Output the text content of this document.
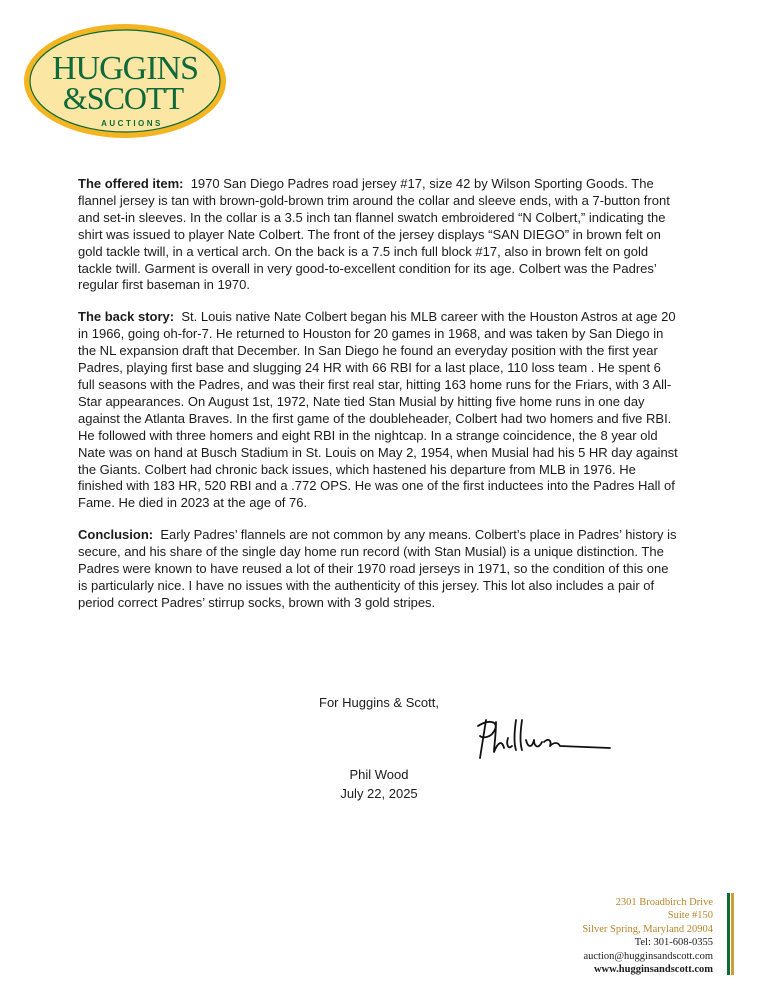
HUGGINS
&SCOTT
AUCTIONS

The offered item: 1970 San Diego Padres road jersey #17, size 42 by Wilson Sporting Goods. The flannel jersey is tan with brown-gold-brown trim around the collar and sleeve ends, with a 7-button front and set-in sleeves. In the collar is a 3.5 inch tan flannel swatch embroidered “N Colbert,” indicating the shirt was issued to player Nate Colbert. The front of the jersey displays “SAN DIEGO” in brown felt on gold tackle twill, in a vertical arch. On the back is a 7.5 inch full block #17, also in brown felt on gold tackle twill. Garment is overall in very good-to-excellent condition for its age. Colbert was the Padres’ regular first baseman in 1970.

The back story: St. Louis native Nate Colbert began his MLB career with the Houston Astros at age 20 in 1966, going oh-for-7. He returned to Houston for 20 games in 1968, and was taken by San Diego in the NL expansion draft that December. In San Diego he found an everyday position with the first year Padres, playing first base and slugging 24 HR with 66 RBI for a last place, 110 loss team . He spent 6 full seasons with the Padres, and was their first real star, hitting 163 home runs for the Friars, with 3 All-Star appearances. On August 1st, 1972, Nate tied Stan Musial by hitting five home runs in one day against the Atlanta Braves. In the first game of the doubleheader, Colbert had two homers and five RBI. He followed with three homers and eight RBI in the nightcap. In a strange coincidence, the 8 year old Nate was on hand at Busch Stadium in St. Louis on May 2, 1954, when Musial had his 5 HR day against the Giants. Colbert had chronic back issues, which hastened his departure from MLB in 1976. He finished with 183 HR, 520 RBI and a .772 OPS. He was one of the first inductees into the Padres Hall of Fame. He died in 2023 at the age of 76.

Conclusion: Early Padres’ flannels are not common by any means. Colbert’s place in Padres’ history is secure, and his share of the single day home run record (with Stan Musial) is a unique distinction. The Padres were known to have reused a lot of their 1970 road jerseys in 1971, so the condition of this one is particularly nice. I have no issues with the authenticity of this jersey. This lot also includes a pair of period correct Padres’ stirrup socks, brown with 3 gold stripes.

For Huggins & Scott,
Phil Wood
July 22, 2025
2301 Broadbirch Drive
Suite #150
Silver Spring, Maryland 20904
Tel: 301-608-0355
auction@hugginsandscott.com
www.hugginsandscott.com
